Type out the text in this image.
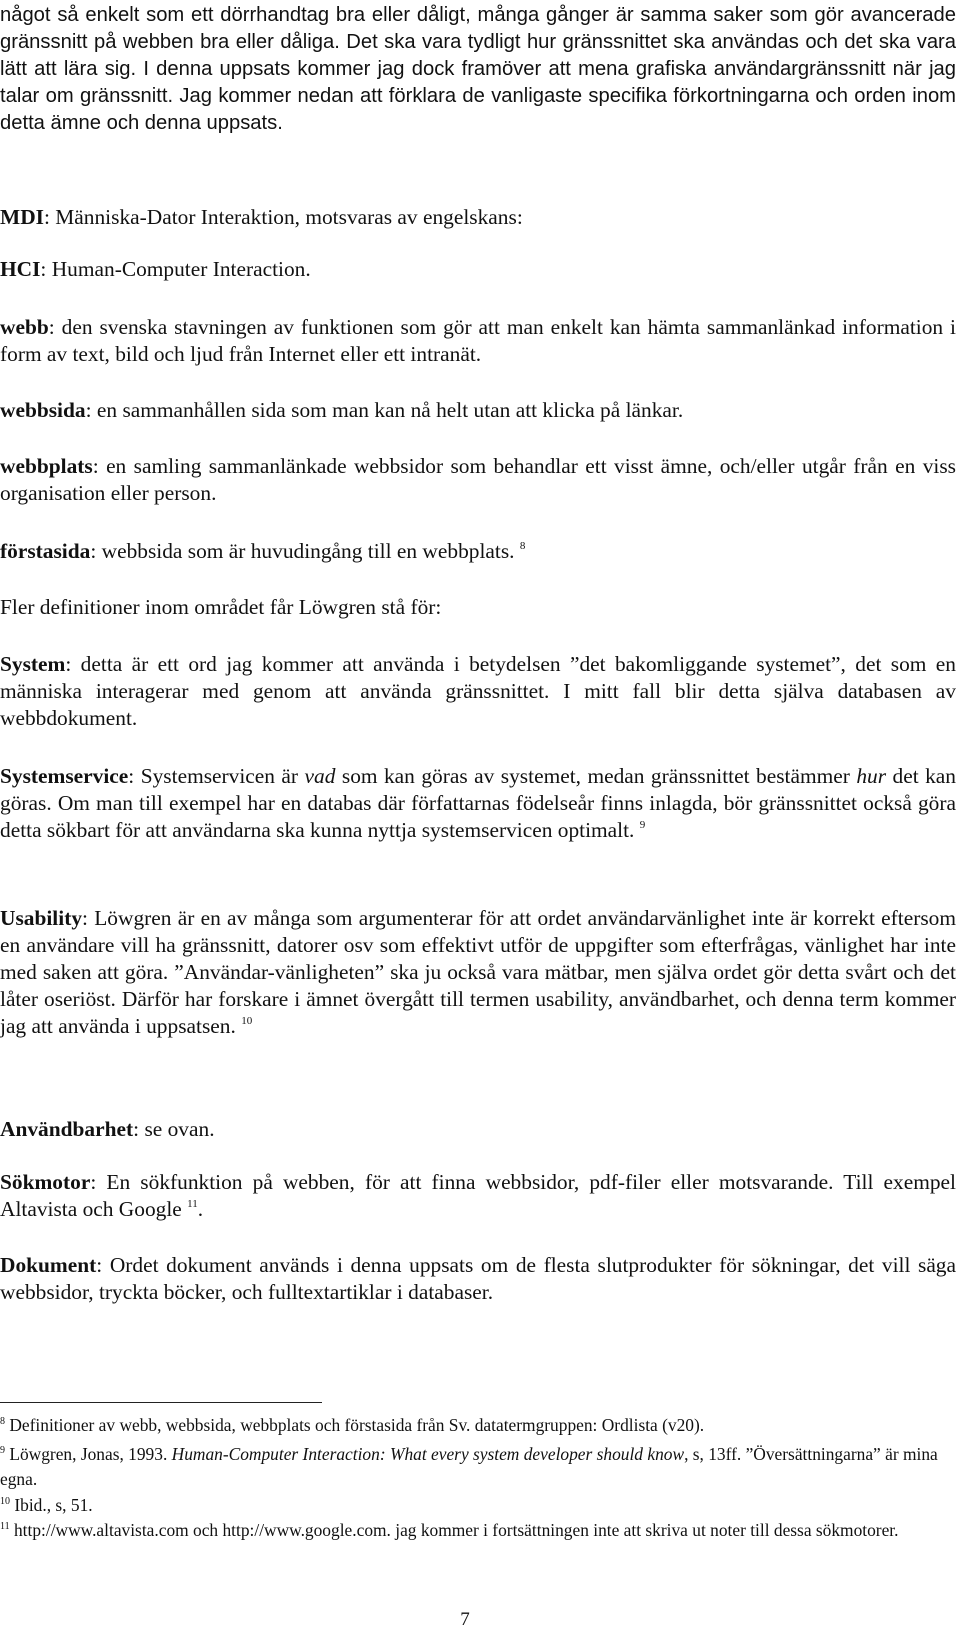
något så enkelt som ett dörrhandtag bra eller dåligt, många gånger är samma saker som gör avancerade gränssnitt på webben bra eller dåliga. Det ska vara tydligt hur gränssnittet ska användas och det ska vara lätt att lära sig. I denna uppsats kommer jag dock framöver att mena grafiska användargränssnitt när jag talar om gränssnitt. Jag kommer nedan att förklara de vanligaste specifika förkortningarna och orden inom detta ämne och denna uppsats.
MDI: Människa-Dator Interaktion, motsvaras av engelskans:
HCI: Human-Computer Interaction.
webb: den svenska stavningen av funktionen som gör att man enkelt kan hämta sammanlänkad information i form av text, bild och ljud från Internet eller ett intranät.
webbsida: en sammanhållen sida som man kan nå helt utan att klicka på länkar.
webbplats: en samling sammanlänkade webbsidor som behandlar ett visst ämne, och/eller utgår från en viss organisation eller person.
förstasida: webbsida som är huvudingång till en webbplats. $^8$
Fler definitioner inom området får Löwgren stå för:
System: detta är ett ord jag kommer att använda i betydelsen ”det bakomliggande systemet”, det som en människa interagerar med genom att använda gränssnittet. I mitt fall blir detta själva databasen av webbdokument.
Systemservice: Systemservicen är vad som kan göras av systemet, medan gränssnittet bestämmer hur det kan göras. Om man till exempel har en databas där författarnas födelseår finns inlagda, bör gränssnittet också göra detta sökbart för att användarna ska kunna nyttja systemservicen optimalt. $^9$
Usability: Löwgren är en av många som argumenterar för att ordet användarvänlighet inte är korrekt eftersom en användare vill ha gränssnitt, datorer osv som effektivt utför de uppgifter som efterfrågas, vänlighet har inte med saken att göra. ”Användar-vänligheten” ska ju också vara mätbar, men själva ordet gör detta svårt och det låter oseriöst. Därför har forskare i ämnet övergått till termen usability, användbarhet, och denna term kommer jag att använda i uppsatsen. $^{10}$
Användbarhet: se ovan.
Sökmotor: En sökfunktion på webben, för att finna webbsidor, pdf-filer eller motsvarande. Till exempel Altavista och Google $^{11}$.
Dokument: Ordet dokument används i denna uppsats om de flesta slutprodukter för sökningar, det vill säga webbsidor, tryckta böcker, och fulltextartiklar i databaser.
$^8$ Definitioner av webb, webbsida, webbplats och förstasida från Sv. datatermgruppen: Ordlista (v20).
$^9$ Löwgren, Jonas, 1993. Human-Computer Interaction: What every system developer should know, s, 13ff. ”Översättningarna” är mina egna.
$^{10}$ Ibid., s, 51.
$^{11}$ http://www.altavista.com och http://www.google.com. jag kommer i fortsättningen inte att skriva ut noter till dessa sökmotorer.
7
